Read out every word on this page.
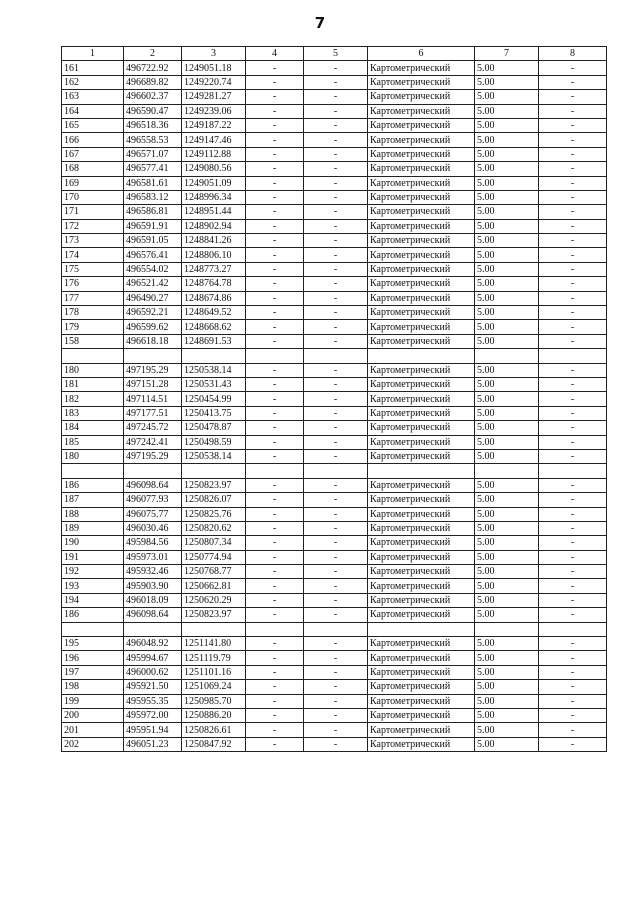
7
1	2	3	4	5	6	7	8
161	496722.92	1249051.18	-	-	Картометрический	5.00	-
162	496689.82	1249220.74	-	-	Картометрический	5.00	-
163	496602.37	1249281.27	-	-	Картометрический	5.00	-
164	496590.47	1249239.06	-	-	Картометрический	5.00	-
165	496518.36	1249187.22	-	-	Картометрический	5.00	-
166	496558.53	1249147.46	-	-	Картометрический	5.00	-
167	496571.07	1249112.88	-	-	Картометрический	5.00	-
168	496577.41	1249080.56	-	-	Картометрический	5.00	-
169	496581.61	1249051.09	-	-	Картометрический	5.00	-
170	496583.12	1248996.34	-	-	Картометрический	5.00	-
171	496586.81	1248951.44	-	-	Картометрический	5.00	-
172	496591.91	1248902.94	-	-	Картометрический	5.00	-
173	496591.05	1248841.26	-	-	Картометрический	5.00	-
174	496576.41	1248806.10	-	-	Картометрический	5.00	-
175	496554.02	1248773.27	-	-	Картометрический	5.00	-
176	496521.42	1248764.78	-	-	Картометрический	5.00	-
177	496490.27	1248674.86	-	-	Картометрический	5.00	-
178	496592.21	1248649.52	-	-	Картометрический	5.00	-
179	496599.62	1248668.62	-	-	Картометрический	5.00	-
158	496618.18	1248691.53	-	-	Картометрический	5.00	-

180	497195.29	1250538.14	-	-	Картометрический	5.00	-
181	497151.28	1250531.43	-	-	Картометрический	5.00	-
182	497114.51	1250454.99	-	-	Картометрический	5.00	-
183	497177.51	1250413.75	-	-	Картометрический	5.00	-
184	497245.72	1250478.87	-	-	Картометрический	5.00	-
185	497242.41	1250498.59	-	-	Картометрический	5.00	-
180	497195.29	1250538.14	-	-	Картометрический	5.00	-

186	496098.64	1250823.97	-	-	Картометрический	5.00	-
187	496077.93	1250826.07	-	-	Картометрический	5.00	-
188	496075.77	1250825.76	-	-	Картометрический	5.00	-
189	496030.46	1250820.62	-	-	Картометрический	5.00	-
190	495984.56	1250807.34	-	-	Картометрический	5.00	-
191	495973.01	1250774.94	-	-	Картометрический	5.00	-
192	495932.46	1250768.77	-	-	Картометрический	5.00	-
193	495903.90	1250662.81	-	-	Картометрический	5.00	-
194	496018.09	1250620.29	-	-	Картометрический	5.00	-
186	496098.64	1250823.97	-	-	Картометрический	5.00	-

195	496048.92	1251141.80	-	-	Картометрический	5.00	-
196	495994.67	1251119.79	-	-	Картометрический	5.00	-
197	496000.62	1251101.16	-	-	Картометрический	5.00	-
198	495921.50	1251069.24	-	-	Картометрический	5.00	-
199	495955.35	1250985.70	-	-	Картометрический	5.00	-
200	495972.00	1250886.20	-	-	Картометрический	5.00	-
201	495951.94	1250826.61	-	-	Картометрический	5.00	-
202	496051.23	1250847.92	-	-	Картометрический	5.00	-
